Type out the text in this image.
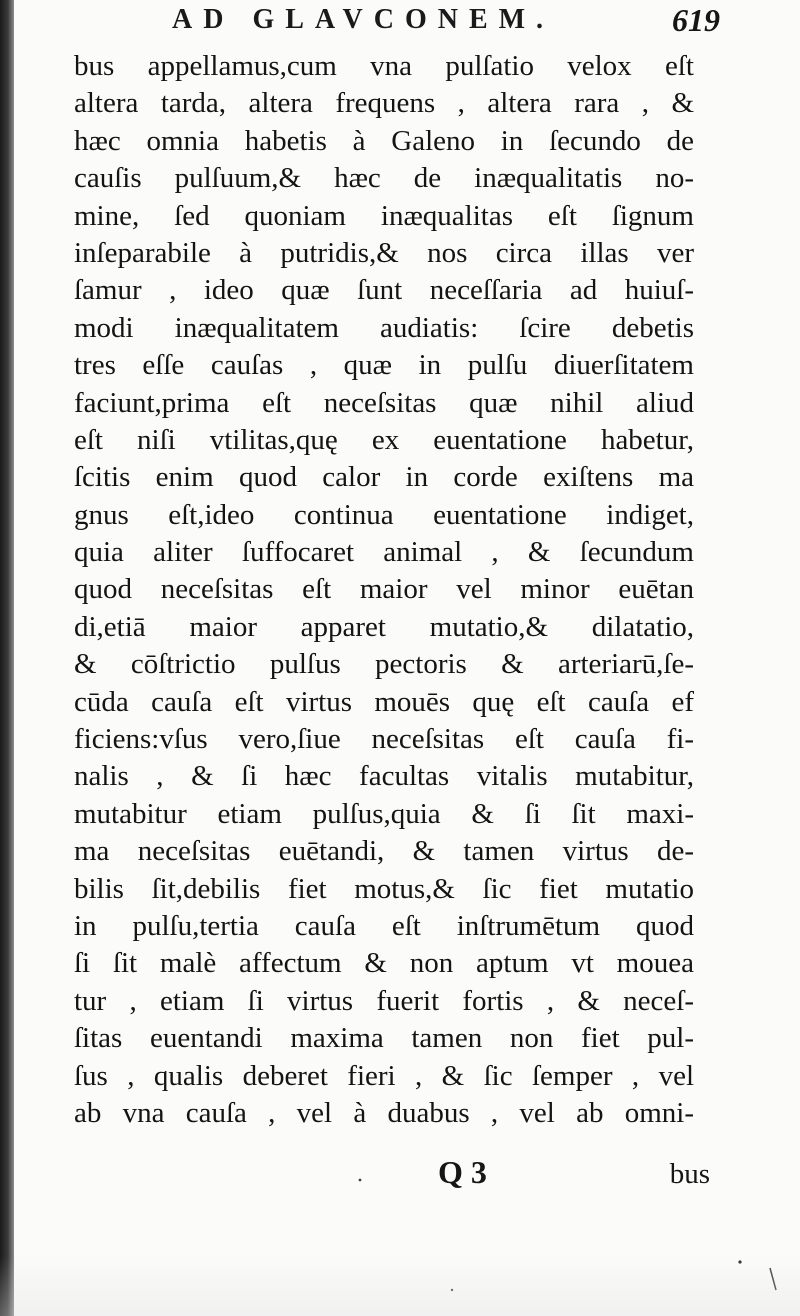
AD GLAVCONEM.	619
bus appellamus,cum vna pulſatio velox eſt
altera tarda, altera frequens , altera rara , &
hæc omnia habetis à Galeno in ſecundo de
cauſis pulſuum,& hæc de inæqualitatis no-
mine, ſed quoniam inæqualitas eſt ſignum
inſeparabile à putridis,& nos circa illas ver
ſamur , ideo quæ ſunt neceſſaria ad huiuſ-
modi inæqualitatem audiatis: ſcire debetis
tres eſſe cauſas , quæ in pulſu diuerſitatem
faciunt,prima eſt neceſsitas quæ nihil aliud
eſt niſi vtilitas,quę ex euentatione habetur,
ſcitis enim quod calor in corde exiſtens ma
gnus eſt,ideo continua euentatione indiget,
quia aliter ſuffocaret animal , & ſecundum
quod neceſsitas eſt maior vel minor euētan
di,etiā maior apparet mutatio,& dilatatio,
& cōſtrictio pulſus pectoris & arteriarū,ſe-
cūda cauſa eſt virtus mouēs quę eſt cauſa ef
ficiens:vſus vero,ſiue neceſsitas eſt cauſa fi-
nalis , & ſi hæc facultas vitalis mutabitur,
mutabitur etiam pulſus,quia & ſi ſit maxi-
ma neceſsitas euētandi, & tamen virtus de-
bilis ſit,debilis fiet motus,& ſic fiet mutatio
in pulſu,tertia cauſa eſt inſtrumētum quod
ſi ſit malè affectum & non aptum vt mouea
tur , etiam ſi virtus fuerit fortis , & neceſ-
ſitas euentandi maxima tamen non fiet pul-
ſus , qualis deberet fieri , & ſic ſemper , vel
ab vna cauſa , vel à duabus , vel ab omni-
Q 3	bus
